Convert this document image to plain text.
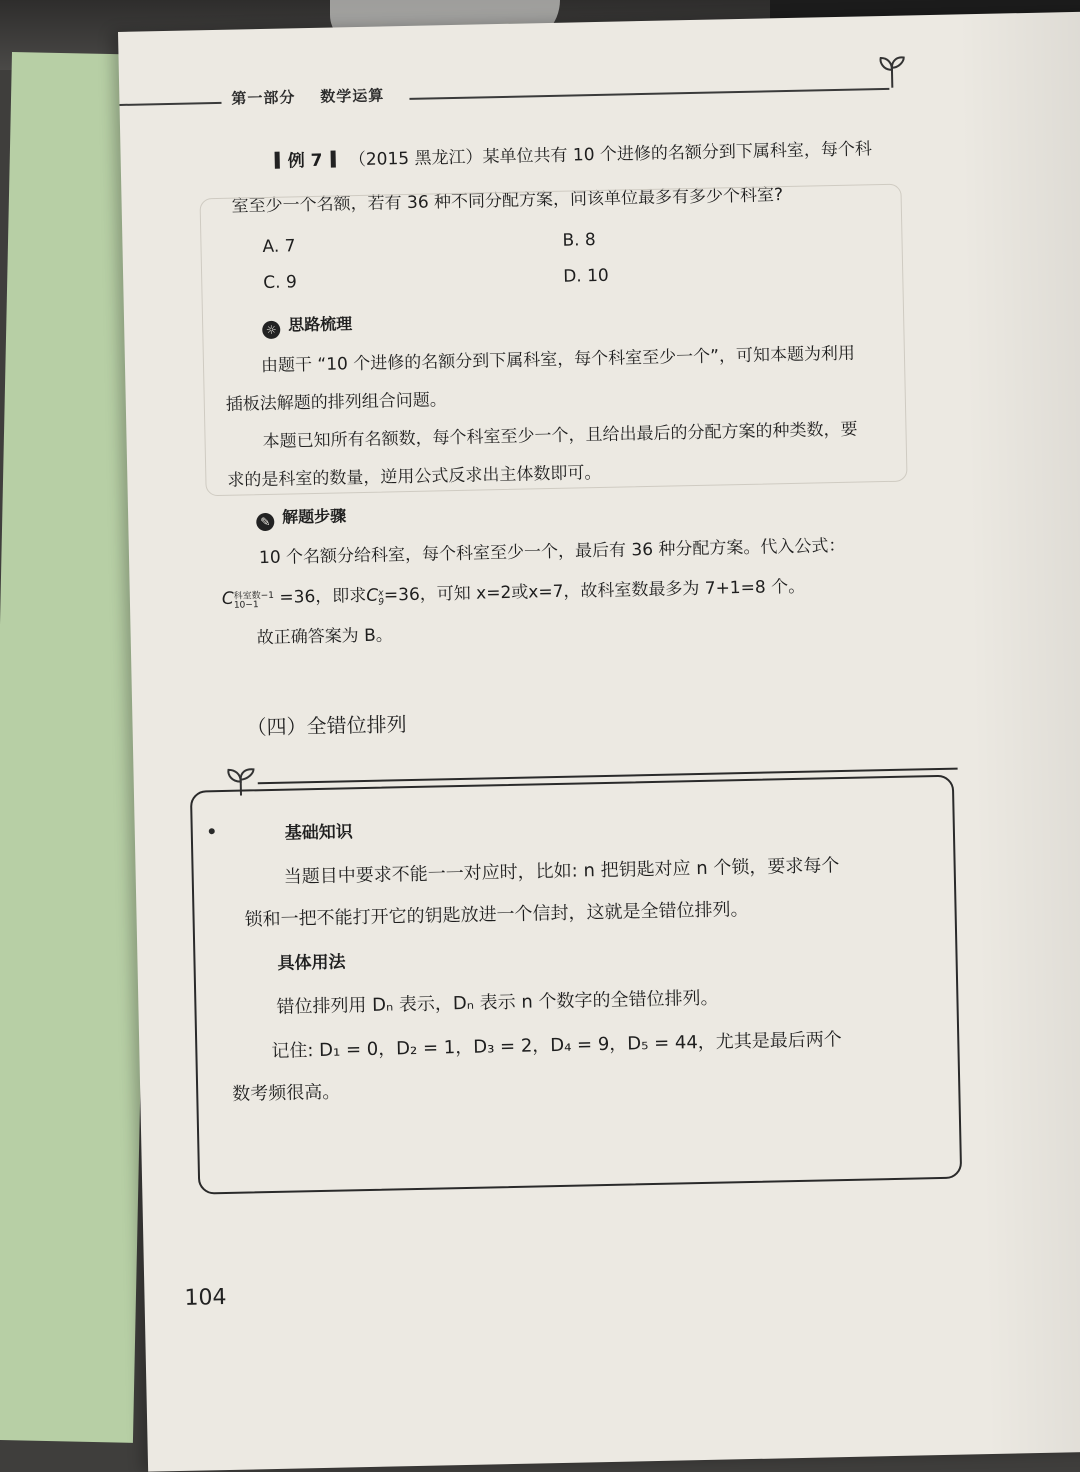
第一部分 数学运算
例 7 （2015 黑龙江）某单位共有 10 个进修的名额分到下属科室，每个科
室至少一个名额，若有 36 种不同分配方案，问该单位最多有多少个科室?
A. 7	B. 8
C. 9	D. 10
☼ 思路梳理
由题干 “10 个进修的名额分到下属科室，每个科室至少一个”，可知本题为利用
插板法解题的排列组合问题。
本题已知所有名额数，每个科室至少一个，且给出最后的分配方案的种类数，要
求的是科室的数量，逆用公式反求出主体数即可。
✎ 解题步骤
10 个名额分给科室，每个科室至少一个，最后有 36 种分配方案。代入公式：
C 科室数−1
10−1	=36，即求C x
9 =36，可知 x=2或x=7，故科室数最多为 7+1=8 个。
故正确答案为 B。
（四）全错位排列
基础知识
当题目中要求不能一一对应时，比如: n 把钥匙对应 n 个锁，要求每个
锁和一把不能打开它的钥匙放进一个信封，这就是全错位排列。
具体用法
错位排列用 Dₙ 表示，Dₙ 表示 n 个数字的全错位排列。
记住: D₁ = 0，D₂ = 1，D₃ = 2，D₄ = 9，D₅ = 44，尤其是最后两个
数考频很高。
104
